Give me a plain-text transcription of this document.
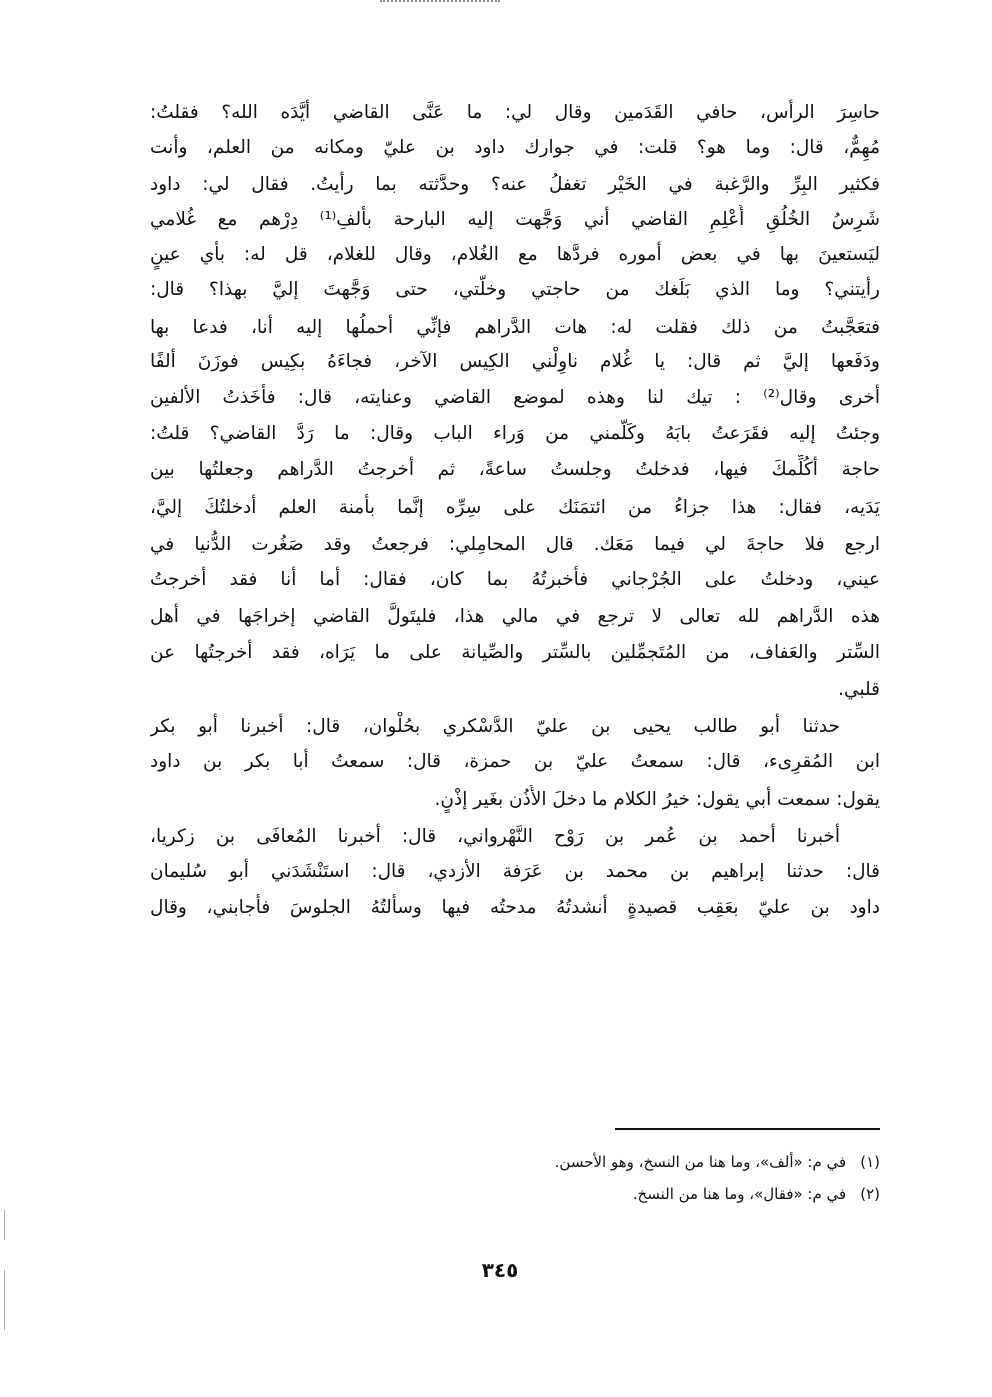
حاسِرَ الرأس، حافي القَدَمين وقال لي: ما عَنَّى القاضي أيَّدَه الله؟ فقلتُ:
مُهِمٌّ، قال: وما هو؟ قلت: في جوارك داود بن عليّ ومكانه من العلم، وأنت
فكثير البِرِّ والرَّغبة في الخَيْر تغفلُ عنه؟ وحدَّثته بما رأيتُ. فقال لي: داود
شَرِسُ الخُلُقِ أُعْلِمِ القاضي أني وَجَّهت إليه البارحة بألفِ⁽¹⁾ دِرْهم مع غُلامي
ليَستعينَ بها في بعض أموره فردَّها مع الغُلام، وقال للغلام، قل له: بأي عينٍ
رأيتني؟ وما الذي بَلَغك من حاجتي وخلَّتي، حتى وَجَّهتَ إليَّ بهذا؟ قال:
فتعَجَّبتُ من ذلك فقلت له: هات الدَّراهم فإنِّي أحملُها إليه أنا، فدعا بها
ودَفَعها إليَّ ثم قال: يا غُلام ناوِلْني الكِيس الآخر، فجاءَهُ بكِيس فوزَنَ ألفًا
أخرى وقال⁽²⁾ : تيك لنا وهذه لموضع القاضي وعنايته، قال: فأخَذتُ الألفين
وجئتُ إليه فقَرَعتُ بابَهُ وكَلَّمني من وَراء الباب وقال: ما رَدَّ القاضي؟ قلتُ:
حاجة أكُلِّمكَ فيها، فدخلتُ وجلستُ ساعةً، ثم أخرجتُ الدَّراهم وجعلتُها بين
يَدَيه، فقال: هذا جزاءُ من ائتمَنَك على سِرِّه إنَّما بأمنة العلم أدخلتُكَ إليَّ،
ارجع فلا حاجةَ لي فيما مَعَك. قال المحامِلي: فرجعتُ وقد صَغُرت الدُّنيا في
عيني، ودخلتُ على الجُرْجاني فأخبرتُهُ بما كان، فقال: أما أنا فقد أخرجتُ
هذه الدَّراهم لله تعالى لا ترجع في مالي هذا، فليتَولَّ القاضي إخراجَها في أهل
السِّتر والعَفاف، من المُتَجمِّلين بالسِّتر والصِّيانة على ما يَرَاه، فقد أخرجتُها عن
قلبي.
حدثنا أبو طالب يحيى بن عليّ الدَّسْكري بحُلْوان، قال: أخبرنا أبو بكر
ابن المُقرِىء، قال: سمعتُ عليّ بن حمزة، قال: سمعتُ أبا بكر بن داود
يقول: سمعت أبي يقول: خيرُ الكلام ما دخلَ الأُذُن بغَير إذْنٍ.
أخبرنا أحمد بن عُمر بن رَوْح النَّهْرواني، قال: أخبرنا المُعافَى بن زكريا،
قال: حدثنا إبراهيم بن محمد بن عَرَفة الأزدي، قال: استَنْشَدَني أبو سُليمان
داود بن عليّ بعَقِب قصيدةٍ أنشدتُهُ مدحتُه فيها وسألتُهُ الجلوسَ فأجابني، وقال
(١)في م: «ألف»، وما هنا من النسخ، وهو الأحسن.
(٢)في م: «فقال»، وما هنا من النسخ.
٣٤٥
